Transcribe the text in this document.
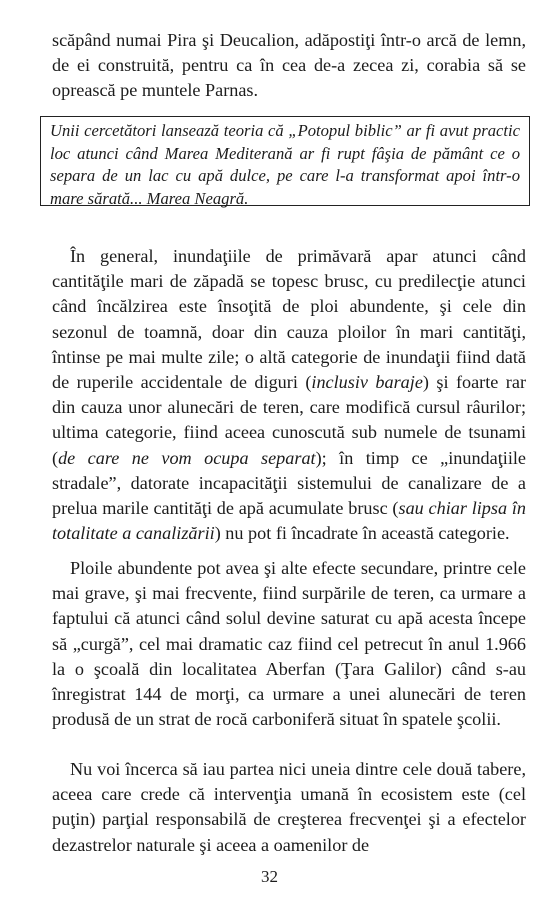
scăpând numai Pira şi Deucalion, adăpostiţi într-o arcă de lemn, de ei construită, pentru ca în cea de-a zecea zi, corabia să se oprească pe muntele Parnas.

Unii cercetători lansează teoria că „Potopul biblic” ar fi avut practic loc atunci când Marea Mediterană ar fi rupt fâşia de pământ ce o separa de un lac cu apă dulce, pe care l-a transformat apoi într-o mare sărată... Marea Neagră.

În general, inundaţiile de primăvară apar atunci când cantităţile mari de zăpadă se topesc brusc, cu predilecţie atunci când încălzirea este însoţită de ploi abundente, şi cele din sezonul de toamnă, doar din cauza ploilor în mari cantităţi, întinse pe mai multe zile; o altă categorie de inundaţii fiind dată de ruperile accidentale de diguri (inclusiv baraje) şi foarte rar din cauza unor alunecări de teren, care modifică cursul râurilor; ultima categorie, fiind aceea cunoscută sub numele de tsunami (de care ne vom ocupa separat); în timp ce „inundaţiile stradale”, datorate incapacităţii sistemului de canalizare de a prelua marile cantităţi de apă acumulate brusc (sau chiar lipsa în totalitate a canalizării) nu pot fi încadrate în această categorie.

Ploile abundente pot avea şi alte efecte secundare, printre cele mai grave, şi mai frecvente, fiind surpările de teren, ca urmare a faptului că atunci când solul devine saturat cu apă acesta începe să „curgă”, cel mai dramatic caz fiind cel petrecut în anul 1.966 la o şcoală din localitatea Aberfan (Ţara Galilor) când s-au înregistrat 144 de morţi, ca urmare a unei alunecări de teren produsă de un strat de rocă carboniferă situat în spatele şcolii.

Nu voi încerca să iau partea nici uneia dintre cele două tabere, aceea care crede că intervenţia umană în ecosistem este (cel puţin) parţial responsabilă de creşterea frecvenţei şi a efectelor dezastrelor naturale şi aceea a oamenilor de

32
